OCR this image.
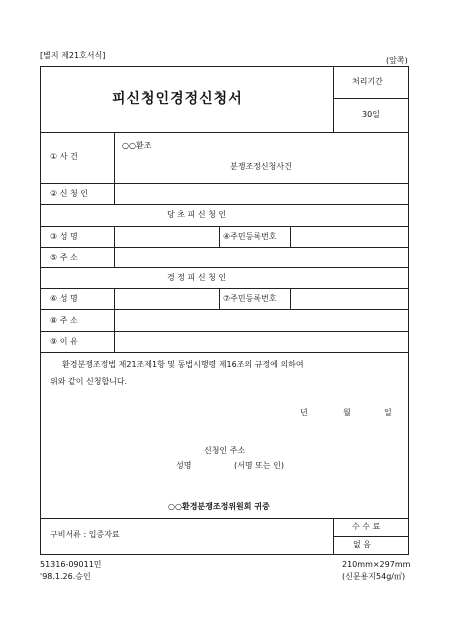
[별지 제21호서식]
(앞쪽)
피신청인경정신청서
처리기간
30일
① 사 건
○○환조
분쟁조정신청사건
② 신 청 인
당 초 피 신 청 인
③ 성 명	④주민등록번호
⑤ 주 소
경 정 피 신 청 인
⑥ 성 명	⑦주민등록번호
⑧ 주 소
⑨ 이 유
환경분쟁조정법 제21조제1항 및 동법시행령 제16조의 규정에 의하여
위와 같이 신청합니다.
년	월	일
신청인 주소
성명	(서명 또는 인)
○○환경분쟁조정위원회 귀중
구비서류 : 입증자료
수 수 료
없 음
51316-09011민
'98.1.26.승인
210mm×297mm
(신문용지54g/㎡)
